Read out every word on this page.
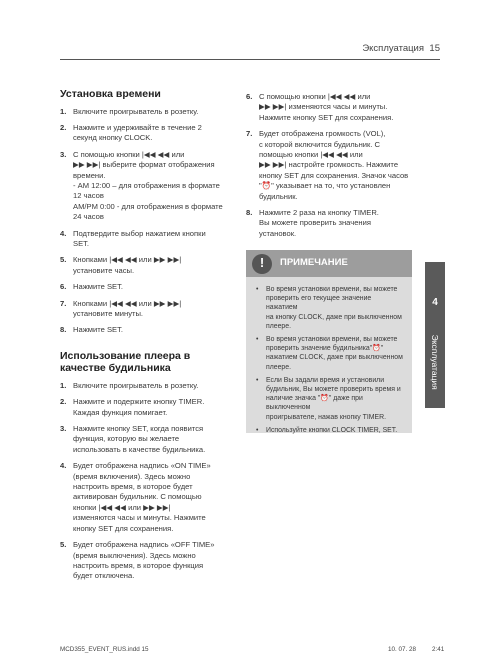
Эксплуатация 15
Установка времени
1. Включите проигрыватель в розетку.
2. Нажмите и удерживайте в течение 2
секунд кнопку CLOCK.
3. С помощью кнопки |◀◀ ◀◀ или
▶▶ ▶▶| выберите формат отображения
времени.
- AM 12:00 – для отображения в формате
12 часов
AM/PM 0:00 - для отображения в формате
24 часов
4. Подтвердите выбор нажатием кнопки
SET.
5. Кнопками |◀◀ ◀◀ или ▶▶ ▶▶|
установите часы.
6. Нажмите SET.
7. Кнопками |◀◀ ◀◀ или ▶▶ ▶▶|
установите минуты.
8. Нажмите SET.
Использование плеера в
качестве будильника
1. Включите проигрыватель в розетку.
2. Нажмите и подержите кнопку TIMER.
Каждая функция помигает.
3. Нажмите кнопку SET, когда появится
функция, которую вы желаете
использовать в качестве будильника.
4. Будет отображена надпись «ON TIME»
(время включения). Здесь можно
настроить время, в которое будет
активирован будильник. С помощью
кнопки |◀◀ ◀◀ или ▶▶ ▶▶|
изменяются часы и минуты. Нажмите
кнопку SET для сохранения.
5. Будет отображена надпись «OFF TIME»
(время выключения). Здесь можно
настроить время, в которое функция
будет отключена.
6. С помощью кнопки |◀◀ ◀◀ или
▶▶ ▶▶| изменяются часы и минуты.
Нажмите кнопку SET для сохранения.
7. Будет отображена громкость (VOL),
с которой включится будильник. С
помощью кнопки |◀◀ ◀◀ или
▶▶ ▶▶| настройте громкость. Нажмите
кнопку SET для сохранения. Значок часов
"⏰" указывает на то, что установлен
будильник.
8. Нажмите 2 раза на кнопку TIMER.
Вы можете проверить значения
установок.
!	ПРИМЕЧАНИЕ
•	Во время установки времени, вы можете
проверить его текущее значение нажатием
на кнопку CLOCK, даже при выключенном
плеере.
•	Во время установки времени, вы можете
проверить значение будильника"⏰"
нажатием CLOCK, даже при выключенном
плеере.
•	Если Вы задали время и установили
будильник, Вы можете проверить время и
наличие значка "⏰" даже при выключенном
проигрывателе, нажав кнопку TIMER.
•	Используйте кнопки CLOCK TIMER, SET.
4
Эксплуатация
MCD355_EVENT_RUS.indd 15	10. 07. 28	2:41
